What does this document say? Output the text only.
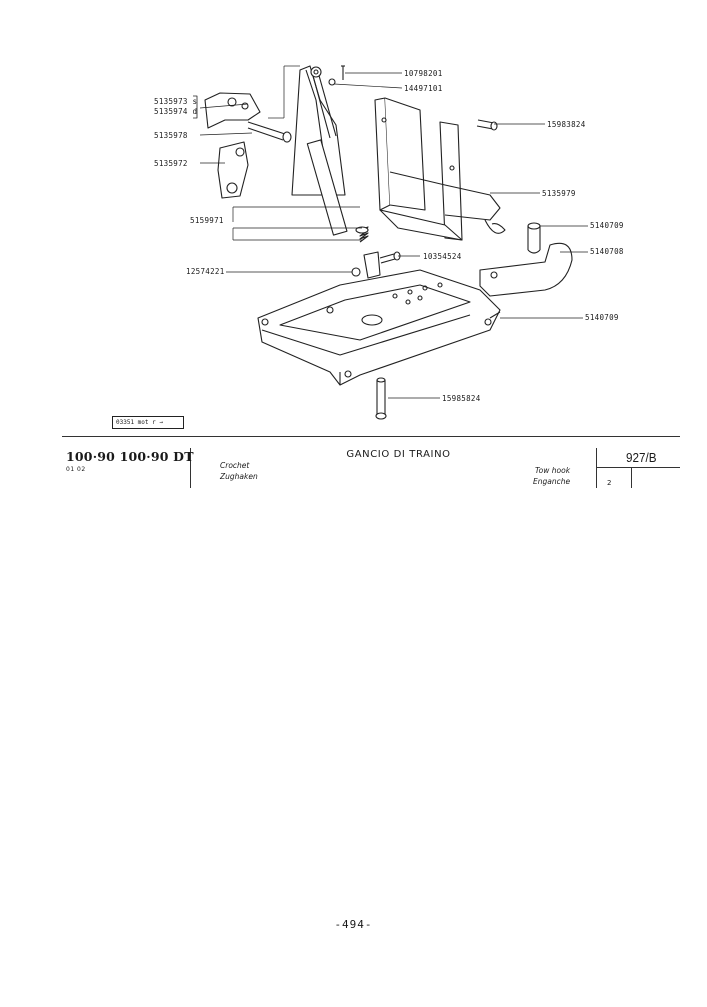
10798201
14497101
5135973 s
5135974 d
15983824
5135978
5135972
5135979
5159971
5140709
5140708
10354524
12574221
5140709
15985824
03351 mot r →
100·90 100·90 DT
01 02
GANCIO DI TRAINO
Crochet
Zughaken
Tow hook
Enganche
927/B
2
-494-
